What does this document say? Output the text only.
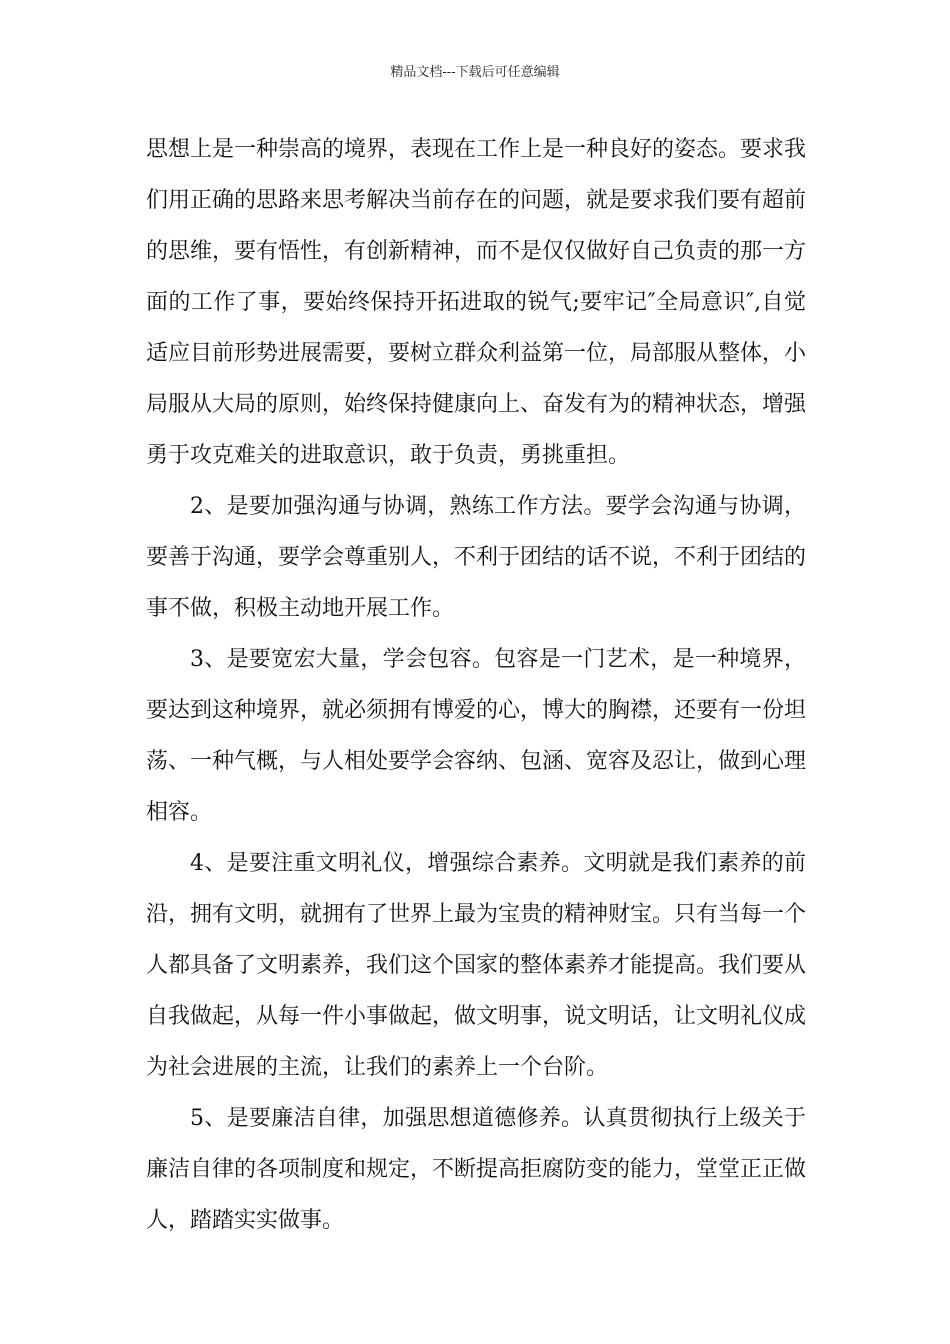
精品文档---下载后可任意编辑

思想上是一种崇高的境界，表现在工作上是一种良好的姿态。要求我们用正确的思路来思考解决当前存在的问题，就是要求我们要有超前的思维，要有悟性，有创新精神，而不是仅仅做好自己负责的那一方面的工作了事，要始终保持开拓进取的锐气;要牢记″全局意识″,自觉适应目前形势进展需要，要树立群众利益第一位，局部服从整体，小局服从大局的原则，始终保持健康向上、奋发有为的精神状态，增强勇于攻克难关的进取意识，敢于负责，勇挑重担。

2、是要加强沟通与协调，熟练工作方法。要学会沟通与协调，要善于沟通，要学会尊重别人，不利于团结的话不说，不利于团结的事不做，积极主动地开展工作。

3、是要宽宏大量，学会包容。包容是一门艺术，是一种境界，要达到这种境界，就必须拥有博爱的心，博大的胸襟，还要有一份坦荡、一种气概，与人相处要学会容纳、包涵、宽容及忍让，做到心理相容。

4、是要注重文明礼仪，增强综合素养。文明就是我们素养的前沿，拥有文明，就拥有了世界上最为宝贵的精神财宝。只有当每一个人都具备了文明素养，我们这个国家的整体素养才能提高。我们要从自我做起，从每一件小事做起，做文明事，说文明话，让文明礼仪成为社会进展的主流，让我们的素养上一个台阶。

5、是要廉洁自律，加强思想道德修养。认真贯彻执行上级关于廉洁自律的各项制度和规定，不断提高拒腐防变的能力，堂堂正正做人，踏踏实实做事。
